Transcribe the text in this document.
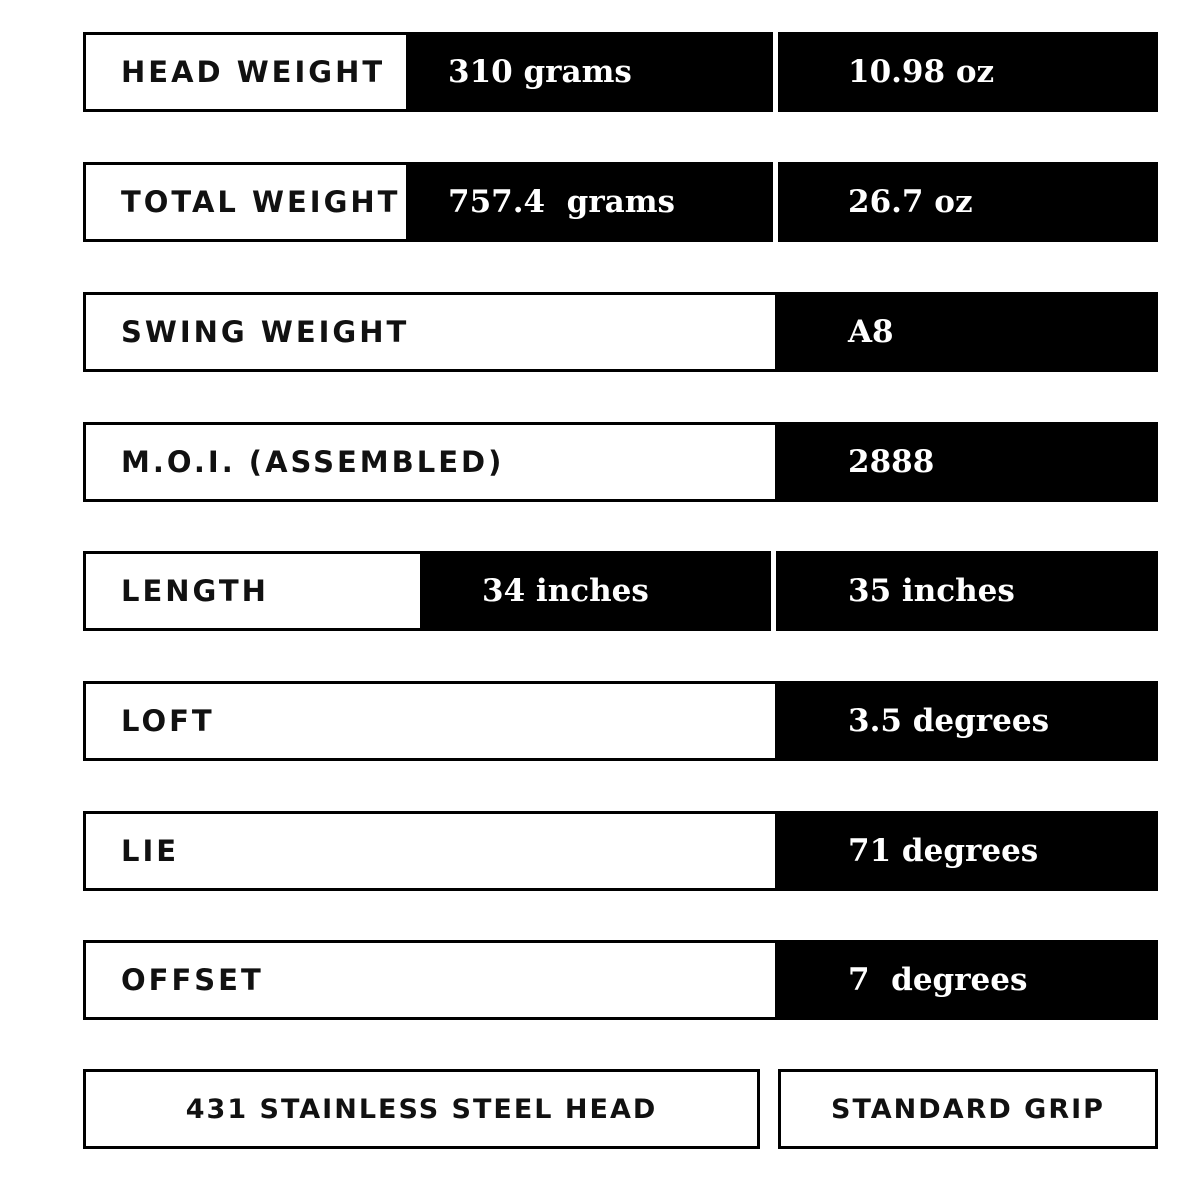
HEAD WEIGHT 310 grams	10.98 oz
TOTAL WEIGHT 757.4  grams	26.7 oz
SWING WEIGHT	A8
M.O.I. (ASSEMBLED)	2888
LENGTH	34 inches	35 inches
LOFT	3.5 degrees
LIE	71 degrees
OFFSET	7  degrees
431 STAINLESS STEEL HEAD	STANDARD GRIP
